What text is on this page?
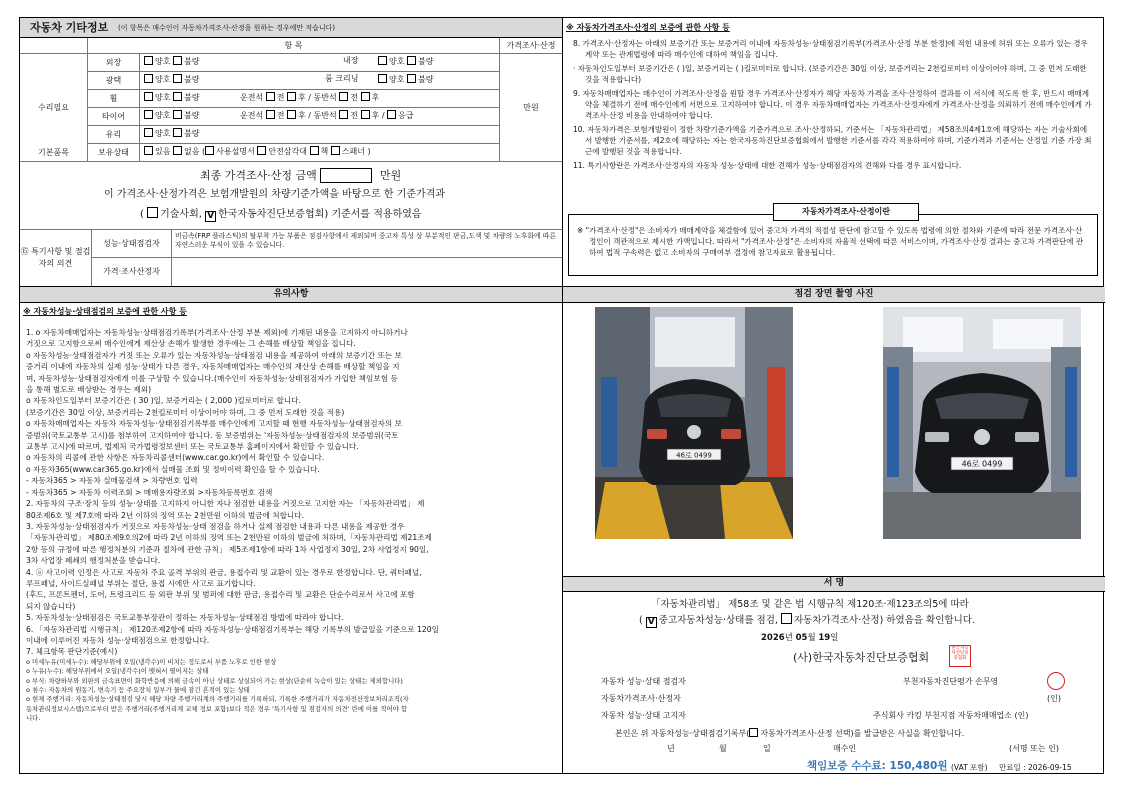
자동차 기타정보 (이 항목은 매수인이 자동차가격조사·산정을 원하는 경우에만 적습니다)
항 목	가격조사·산정
수리필요	만원
외장	양호 불량	내장	양호 불량
광택	양호 불량	룸 크리닝	양호 불량
휠	양호 불량	운전석 전 후 / 동반석 전 후
타이어	양호 불량	운전석 전 후 / 동반석 전 후 / 응급
유리	양호 불량
기본품목	보유상태	있음 없음 ( 사용설명서 안전삼각대 책 스패너 )
최종 가격조사·산정 금액	만원
이 가격조사·산정가격은 보험개발원의 차량기준가액을 바탕으로 한 기준가격과
( 기술사회, V 한국자동차진단보증협회) 기준서를 적용하였음
⑮ 특기사항 및 점검자의 의견
성능·상태점검자
비금속(FRP 플라스틱)의 탈부착 가능 부품은 점검사항에서 제외되며 중고차 특성 상 부분적인 판금,도색 및 차량의 노후화에 따른 자연스러운 부식이 있을 수 있습니다.
가격·조사산정자
※ 자동차가격조사·산정의 보증에 관한 사항 등
8. 가격조사·산정자는 아래의 보증기간 또는 보증거리 이내에 자동차성능·상태점검기록부(가격조사·산정 부분 한정)에 적힌 내용에 허위 또는 오류가 있는 경우 계약 또는 관계법령에 따라 매수인에 대하여 책임을 집니다.
· 자동차인도일부터 보증기간은 ( )일, 보증거리는 ( )킬로미터로 합니다. (보증기간은 30일 이상, 보증거리는 2천킬로미터 이상이어야 하며, 그 중 먼저 도래한 것을 적용합니다)
9. 자동차매매업자는 매수인이 가격조사·산정을 원할 경우 가격조사·산정자가 해당 자동차 가격을 조사·산정하여 결과를 이 서식에 적도록 한 후, 반드시 매매계약을 체결하기 전에 매수인에게 서면으로 고지하여야 합니다. 이 경우 자동차매매업자는 가격조사·산정자에게 가격조사·산정을 의뢰하기 전에 매수인에게 가격조사·산정 비용을 안내하여야 합니다.
10. 자동차가격은 보험개발원이 정한 차량기준가액을 기준가격으로 조사·산정하되, 기준서는 「자동차관리법」 제58조의4제1호에 해당하는 자는 기술사회에서 발행한 기준서를, 제2호에 해당하는 자는 한국자동차진단보증협회에서 발행한 기준서를 각각 적용하여야 하며, 기준가격과 기준서는 산정일 기준 가장 최근에 발행된 것을 적용합니다.
11. 특기사항란은 가격조사·산정자의 자동차 성능·상태에 대한 견해가 성능·상태점검자의 견해와 다를 경우 표시합니다.
자동차가격조사·산정이란
※ "가격조사·산정"은 소비자가 매매계약을 체결함에 있어 중고차 가격의 적절성 판단에 참고할 수 있도록 법령에 의한 절차와 기준에 따라 전문 가격조사·산정인이 객관적으로 제시한 가액입니다. 따라서 "가격조사·산정"은 소비자의 자율적 선택에 따른 서비스이며, 가격조사·산정 결과는 중고차 가격판단에 관하여 법적 구속력은 없고 소비자의 구매여부 결정에 참고자료로 활용됩니다.
유의사항
※ 자동차성능·상태점검의 보증에 관한 사항 등

1. o 자동차매매업자는 자동차성능·상태점검기록부(가격조사·산정 부분 제외)에 기재된 내용을 고지하지 아니하거나

거짓으로 고지함으로써 매수인에게 재산상 손해가 발생한 경우에는 그 손해를 배상할 책임을 집니다.

o 자동차성능·상태점검자가 거짓 또는 오류가 있는 자동차성능·상태점검 내용을 제공하여 아래의 보증기간 또는 보

증거리 이내에 자동차의 실제 성능·상태가 다른 경우, 자동차매매업자는 매수인의 재산상 손해를 배상할 책임을 지

며, 자동차성능·상태점검자에게 이를 구상할 수 있습니다.(매수인이 자동차성능·상태점검자가 가입한 책임보험 등

을 통해 별도로 배상받는 경우는 제외)

o 자동차인도일부터 보증기간은 ( 30 )일, 보증거리는 ( 2,000 )킬로미터로 합니다.

(보증기간은 30일 이상, 보증거리는 2천킬로미터 이상이어야 하며, 그 중 먼저 도래한 것을 적용)

o 자동차매매업자는 자동차 자동차성능·상태점검기록부를 매수인에게 고지할 때 현행 자동차성능·상태점검자의 보

증범위(국토교통부 고시)를 첨부하여 고지하여야 합니다. 동 보증범위는 '자동차성능·상태점검자의 보증범위(국토

교통부 고시)에 따르며, 법제처 국가법령정보센터 또는 국토교통부 홈페이지에서 확인할 수 있습니다.

o 자동차의 리콜에 관한 사항은 자동차리콜센터(www.car.go.kr)에서 확인할 수 있습니다.

o 자동차365(www.car365.go.kr)에서 실매물 조회 및 정비이력 확인을 할 수 있습니다.

- 자동차365 > 자동차 실매물검색 > 차량번호 입력

- 자동차365 > 자동차 이력조회 > 매매용자량조회 >자동차등록번호 검색

2. 자동차의 구조·장치 등의 성능·상태를 고지하지 아니한 자나 점검한 내용을 거짓으로 고지한 자는 「자동차관리법」 제

80조제6호 및 제7호에 따라 2년 이하의 징역 또는 2천만원 이하의 벌금에 처합니다.

3. 자동차성능·상태점검자가 거짓으로 자동차성능·상태 점검을 하거나 실제 점검한 내용과 다른 내용을 제공한 경우

「자동차관리법」 제80조제9호의2에 따라 2년 이하의 징역 또는 2천만원 이하의 벌금에 처하며,「자동차관리법 제21조제

2항 등의 규정에 따른 행정처분의 기준과 절차에 관한 규칙」 제5조제1항에 따라 1차 사업정지 30일, 2차 사업정지 90일,

3차 사업장 폐쇄의 행정처분을 받습니다.

4. ⓐ 사고이력 인정은 사고로 자동차 주요 골격 부위의 판금, 용접수리 및 교환이 있는 경우로 한정합니다. 단, 쿼터패널,

루프패널, 사이드실패널 부위는 절단, 용접 시에만 사고로 표기합니다.

(후드, 프론트펜더, 도어, 트렁크리드 등 외판 부위 및 범퍼에 대한 판금, 용접수리 및 교환은 단순수리로서 사고에 포함

되지 않습니다)

5. 자동차성능·상태점검은 국토교통부장관이 정하는 자동차성능·상태점검 방법에 따라야 합니다.

6. 「자동차관리법 시행규칙」 제120조제2항에 따라 자동차성능·상태점검기록부는 해당 기록부의 발급일을 기준으로 120일

이내에 이루어진 자동차 성능·상태점검으로 한정합니다.

7. 체크항목 판단기준(예시)

o 미세누유(미세누수): 해당부위에 오일(냉각수)이 비치는 정도로서 부품 노후로 인한 현상

o 누유(누수): 해당부위에서 오일(냉각수)이 맺혀서 떨어지는 상태

o 부식: 차량하부와 외판의 금속표면이 화학반응에 의해 금속이 아닌 상태로 상실되어 가는 현상(단순히 녹슴이 있는 상태는 제외합니다)

o 침수: 자동차의 원동기, 변속기 등 주요장치 일부가 물에 잠긴 흔적이 있는 상태

o 현재 주행거리: 자동차성능·상태점검 당시 해당 차량 주행거리계의 주행거리를 기록하되, 기록한 주행거리가 자동차전산정보처리조직(자

동차관리정보시스템)으로부터 받은 주행거리(주행거리계 교체 정보 포함)보다 적은 경우 '특기사항 및 점검자의 의견' 란에 이를 적어야 합

니다.

점검 장면 촬영 사진
46로 0499
46로 0499
서 명
「자동차관리법」 제58조 및 같은 법 시행규칙 제120조·제123조의5에 따라
( V 중고자동차성능·상태를 점검, 자동차가격조사·산정) 하였음을 확인합니다.
2026년 05월 19일
(사)한국자동차진단보증협회
한국자동차진단보증협회
자동차 성능·상태 점검자	부천자동차진단평가 손무영
자동차가격조사·산정자	(인)
자동차 성능·상태 고지자	주식회사 카킹 부천지점 자동차매매업소 (인)
본인은 위 자동차성능·상태점검기록부( 자동차가격조사·산정 선택)를 발급받은 사실을 확인합니다.
년	월	일	매수인	(서명 또는 인)
책임보증 수수료: 150,480원 (VAT 포함) 만료일 : 2026-09-15
